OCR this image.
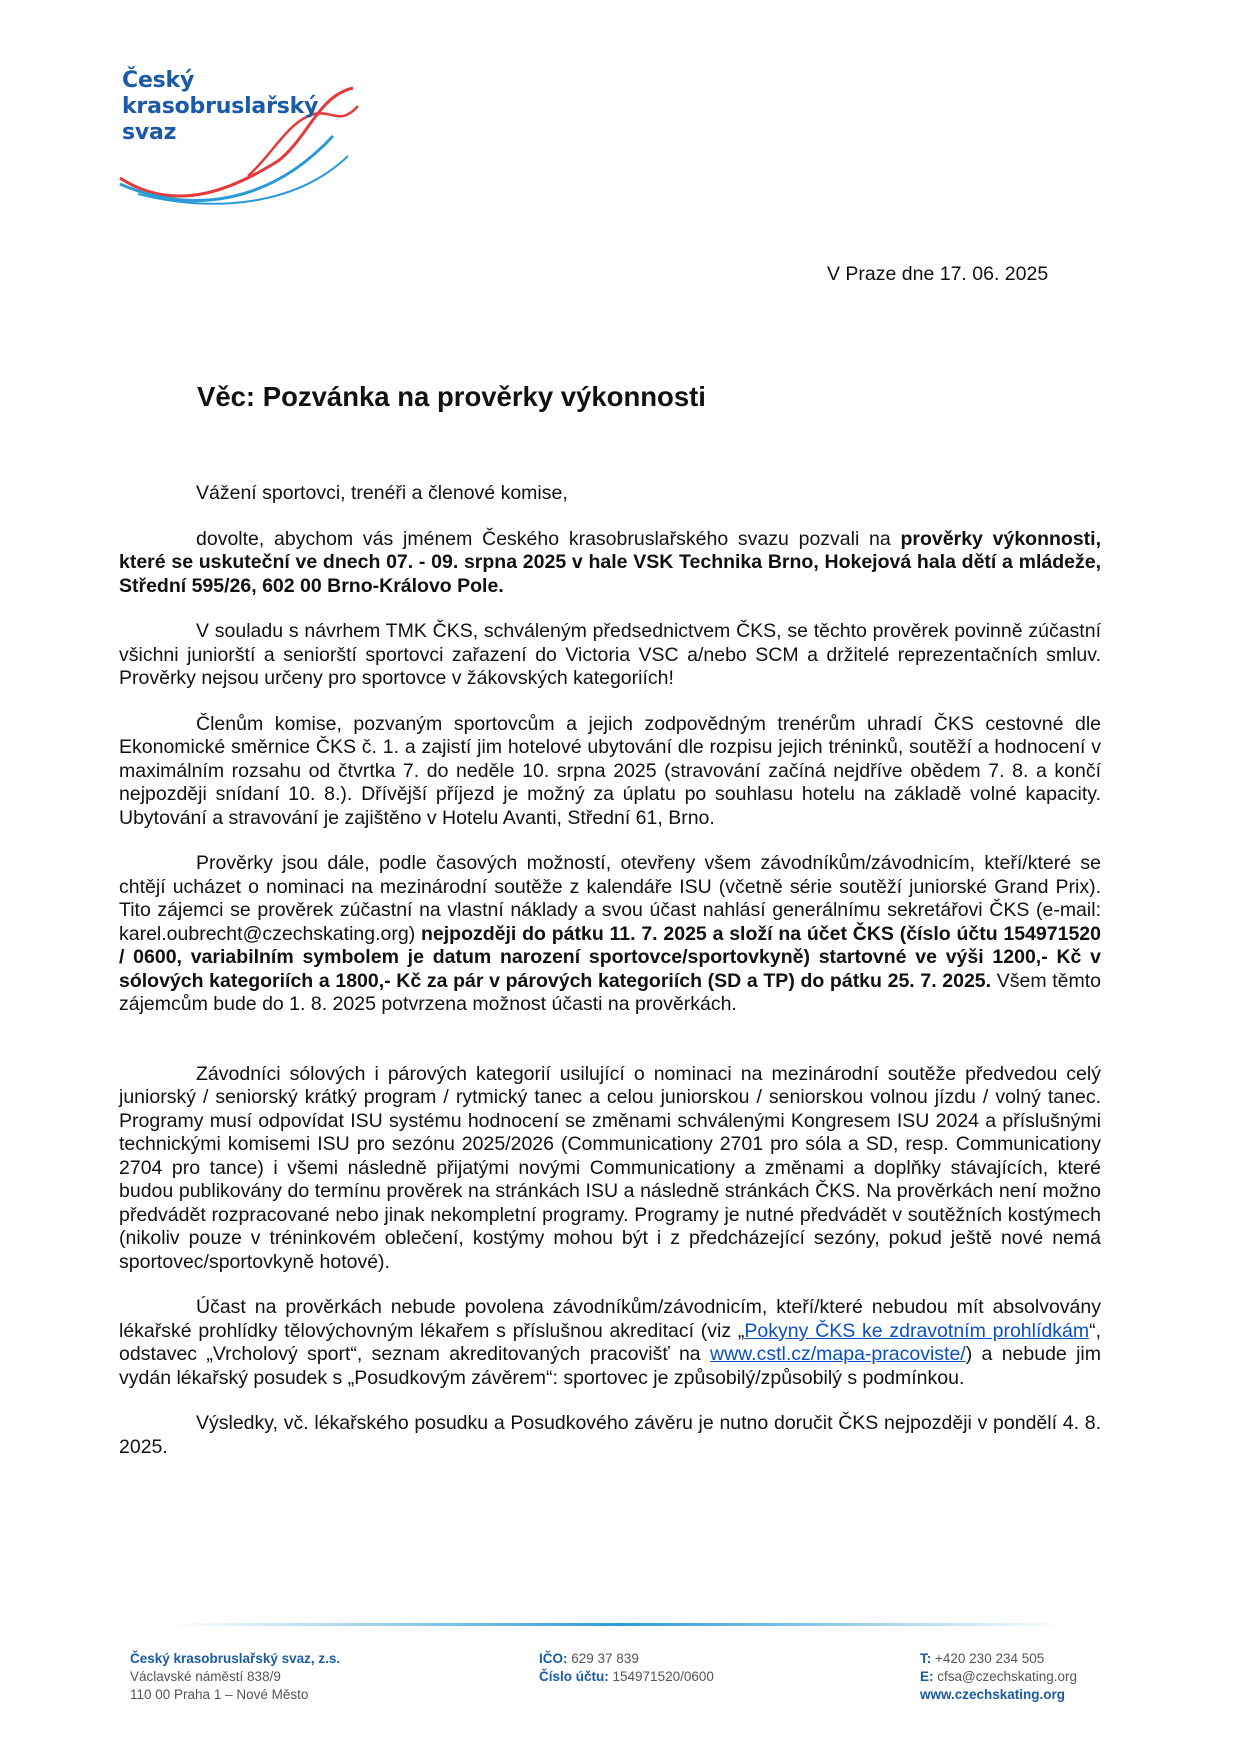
Český
krasobruslařský
svaz
V Praze dne 17. 06. 2025
Věc: Pozvánka na prověrky výkonnosti

Vážení sportovci, trenéři a členové komise,

dovolte, abychom vás jménem Českého krasobruslařského svazu pozvali na prověrky výkonnosti, které se uskuteční ve dnech 07. - 09. srpna 2025 v hale VSK Technika Brno, Hokejová hala dětí a mládeže, Střední 595/26, 602 00 Brno-Královo Pole.

V souladu s návrhem TMK ČKS, schváleným předsednictvem ČKS, se těchto prověrek povinně zúčastní všichni juniorští a seniorští sportovci zařazení do Victoria VSC a/nebo SCM a držitelé reprezentačních smluv. Prověrky nejsou určeny pro sportovce v žákovských kategoriích!

Členům komise, pozvaným sportovcům a jejich zodpovědným trenérům uhradí ČKS cestovné dle Ekonomické směrnice ČKS č. 1. a zajistí jim hotelové ubytování dle rozpisu jejich tréninků, soutěží a hodnocení v maximálním rozsahu od čtvrtka 7. do neděle 10. srpna 2025 (stravování začíná nejdříve obědem 7. 8. a končí nejpozději snídaní 10. 8.). Dřívější příjezd je možný za úplatu po souhlasu hotelu na základě volné kapacity. Ubytování a stravování je zajištěno v Hotelu Avanti, Střední 61, Brno.

Prověrky jsou dále, podle časových možností, otevřeny všem závodníkům/závodnicím, kteří/které se chtějí ucházet o nominaci na mezinárodní soutěže z kalendáře ISU (včetně série soutěží juniorské Grand Prix). Tito zájemci se prověrek zúčastní na vlastní náklady a svou účast nahlásí generálnímu sekretářovi ČKS (e-mail: karel.oubrecht@czechskating.org) nejpozději do pátku 11. 7. 2025 a složí na účet ČKS (číslo účtu 154971520 / 0600, variabilním symbolem je datum narození sportovce/sportovkyně) startovné ve výši 1200,- Kč v sólových kategoriích a 1800,- Kč za pár v párových kategoriích (SD a TP) do pátku 25. 7. 2025. Všem těmto zájemcům bude do 1. 8. 2025 potvrzena možnost účasti na prověrkách.

Závodníci sólových i párových kategorií usilující o nominaci na mezinárodní soutěže předvedou celý juniorský / seniorský krátký program / rytmický tanec a celou juniorskou / seniorskou volnou jízdu / volný tanec. Programy musí odpovídat ISU systému hodnocení se změnami schválenými Kongresem ISU 2024 a příslušnými technickými komisemi ISU pro sezónu 2025/2026 (Communicationy 2701 pro sóla a SD, resp. Communicationy 2704 pro tance) i všemi následně přijatými novými Communicationy a změnami a doplňky stávajících, které budou publikovány do termínu prověrek na stránkách ISU a následně stránkách ČKS. Na prověrkách není možno předvádět rozpracované nebo jinak nekompletní programy. Programy je nutné předvádět v soutěžních kostýmech (nikoliv pouze v tréninkovém oblečení, kostýmy mohou být i z předcházející sezóny, pokud ještě nové nemá sportovec/sportovkyně hotové).

Účast na prověrkách nebude povolena závodníkům/závodnicím, kteří/které nebudou mít absolvovány lékařské prohlídky tělovýchovným lékařem s příslušnou akreditací (viz „Pokyny ČKS ke zdravotním prohlídkám“, odstavec „Vrcholový sport“, seznam akreditovaných pracovišť na www.cstl.cz/mapa-pracoviste/) a nebude jim vydán lékařský posudek s „Posudkovým závěrem“: sportovec je způsobilý/způsobilý s podmínkou.

Výsledky, vč. lékařského posudku a Posudkového závěru je nutno doručit ČKS nejpozději v pondělí 4. 8. 2025.

Český krasobruslařský svaz, z.s.
Václavské náměstí 838/9
110 00 Praha 1 – Nové Město
IČO: 629 37 839
Číslo účtu: 154971520/0600
T: +420 230 234 505
E: cfsa@czechskating.org
www.czechskating.org
